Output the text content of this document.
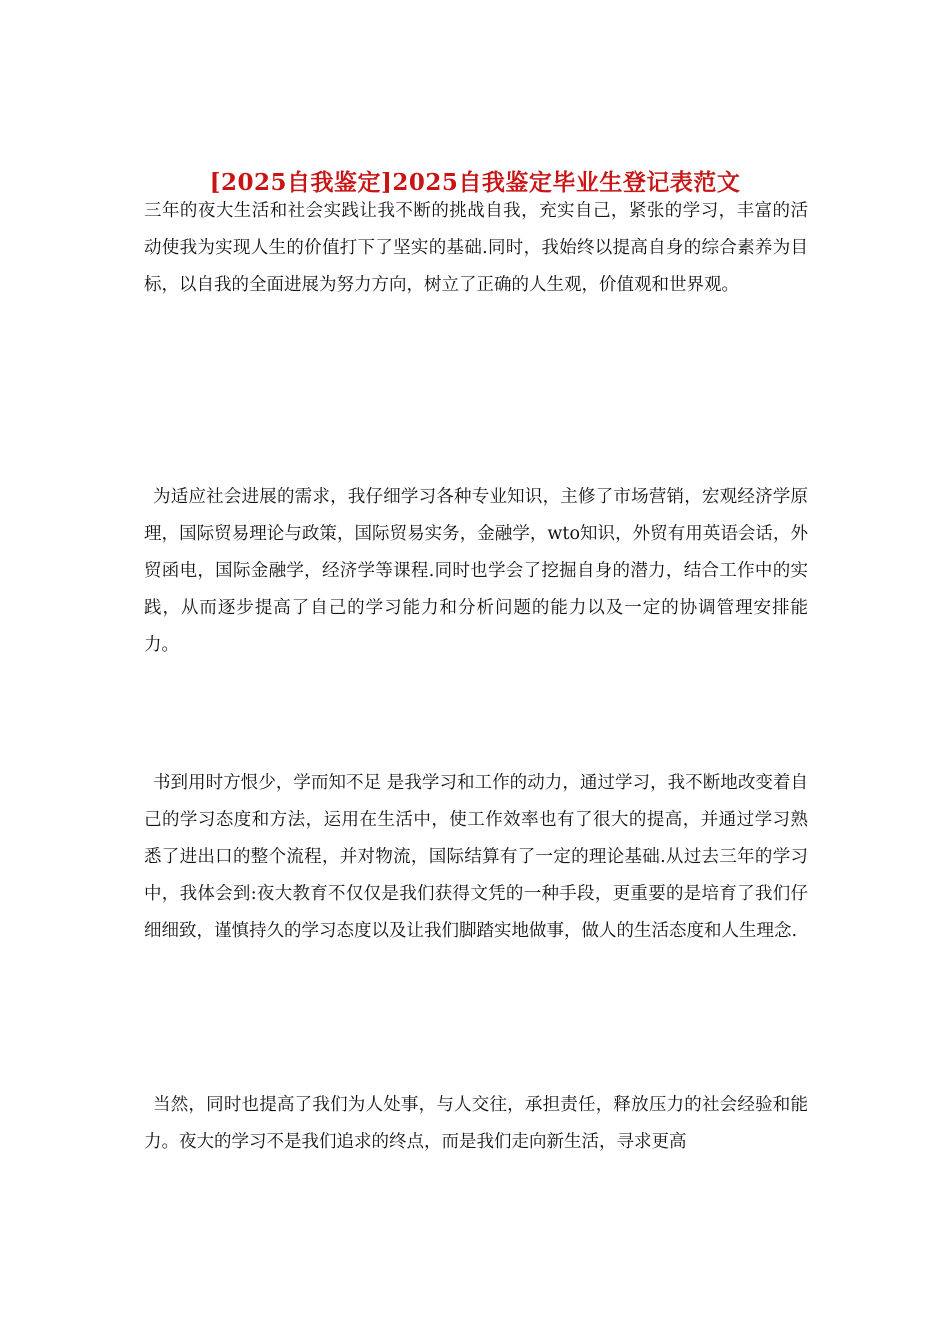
[2025自我鉴定]2025自我鉴定毕业生登记表范文

三年的夜大生活和社会实践让我不断的挑战自我，充实自己，紧张的学习，丰富的活动使我为实现人生的价值打下了坚实的基础.同时，我始终以提高自身的综合素养为目标，以自我的全面进展为努力方向，树立了正确的人生观，价值观和世界观。

为适应社会进展的需求，我仔细学习各种专业知识，主修了市场营销，宏观经济学原理，国际贸易理论与政策，国际贸易实务，金融学，wto知识，外贸有用英语会话，外贸函电，国际金融学，经济学等课程.同时也学会了挖掘自身的潜力，结合工作中的实践，从而逐步提高了自己的学习能力和分析问题的能力以及一定的协调管理安排能力。

书到用时方恨少，学而知不足 是我学习和工作的动力，通过学习，我不断地改变着自己的学习态度和方法，运用在生活中，使工作效率也有了很大的提高，并通过学习熟悉了进出口的整个流程，并对物流，国际结算有了一定的理论基础.从过去三年的学习中，我体会到:夜大教育不仅仅是我们获得文凭的一种手段，更重要的是培育了我们仔细细致，谨慎持久的学习态度以及让我们脚踏实地做事，做人的生活态度和人生理念.

当然，同时也提高了我们为人处事，与人交往，承担责任，释放压力的社会经验和能力。夜大的学习不是我们追求的终点，而是我们走向新生活，寻求更高
